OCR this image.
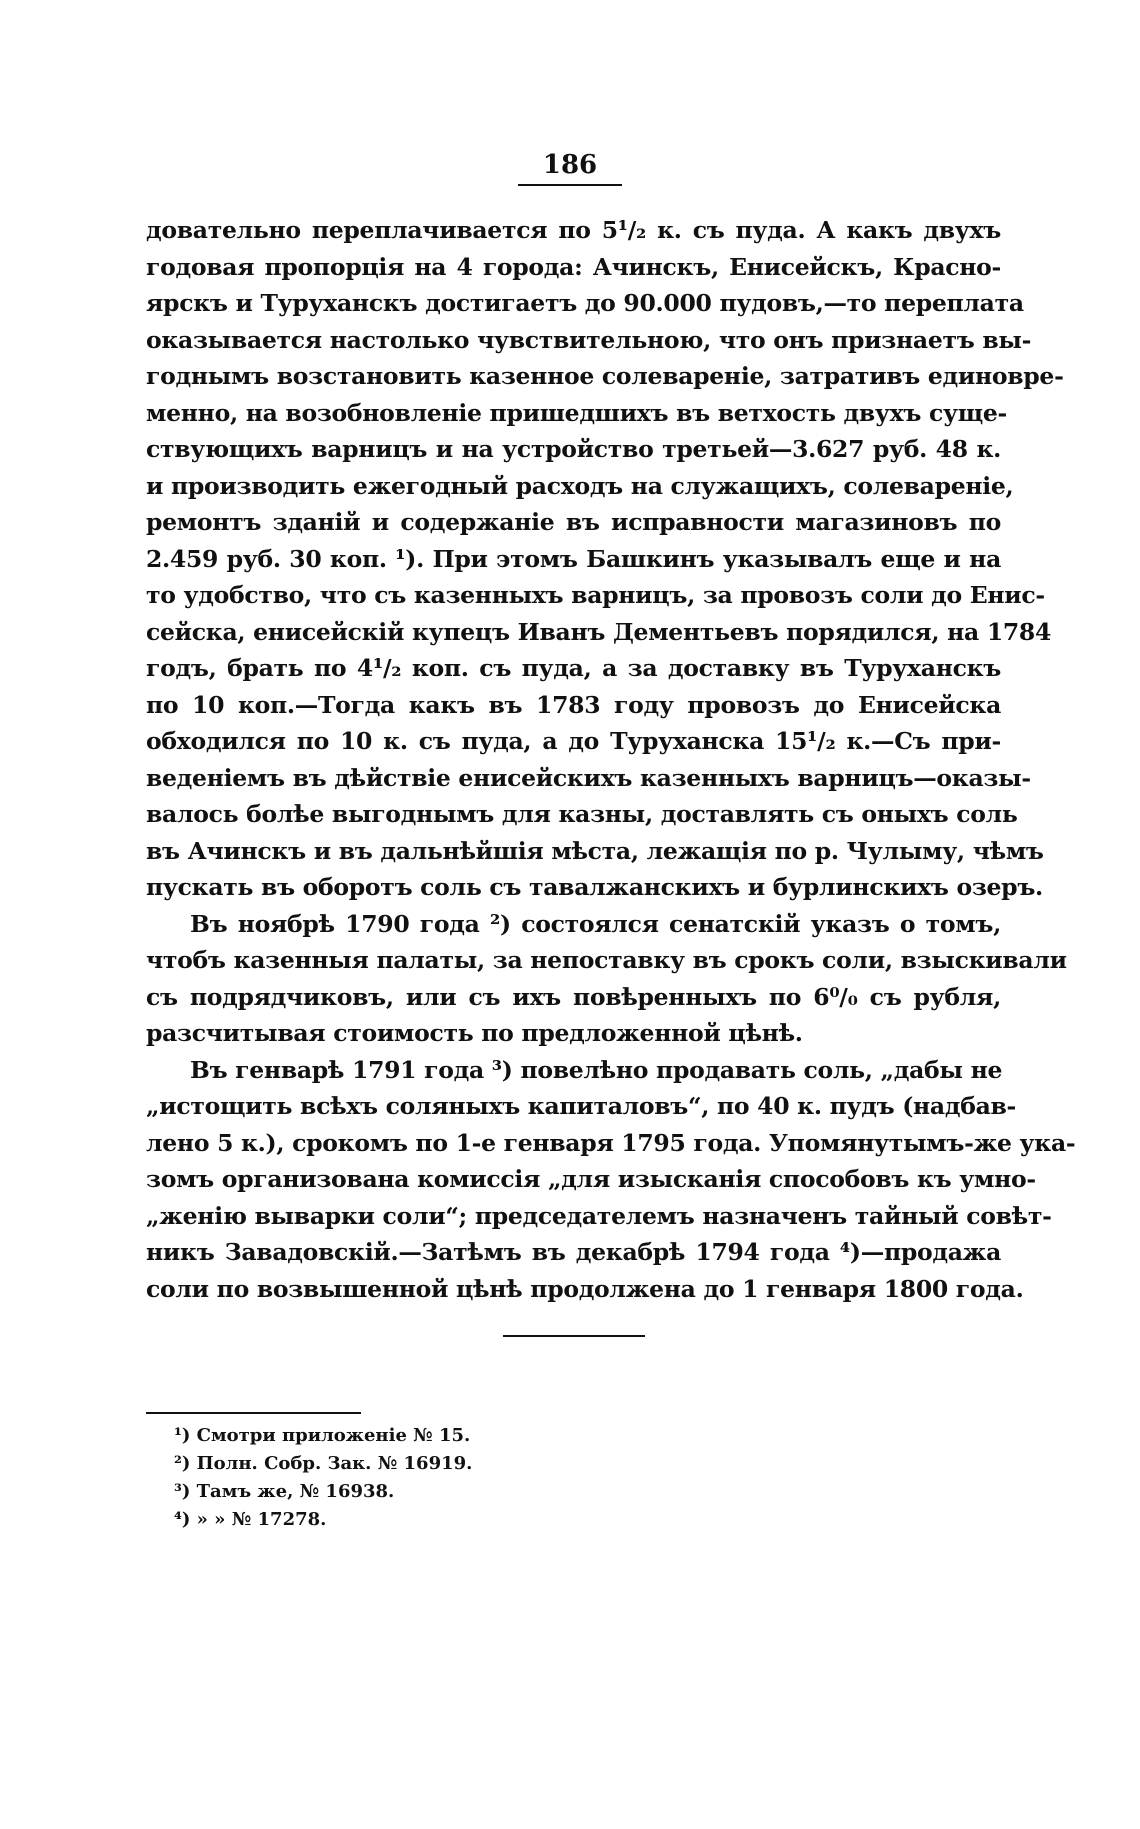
186
довательно переплачивается по 5¹/₂ к. съ пуда. А какъ двухъ
годовая пропорція на 4 города: Ачинскъ, Енисейскъ, Красно-
ярскъ и Туруханскъ достигаетъ до 90.000 пудовъ,—то переплата
оказывается настолько чувствительною, что онъ признаетъ вы-
годнымъ возстановить казенное солевареніе, затративъ единовре-
менно, на возобновленіе пришедшихъ въ ветхость двухъ суще-
ствующихъ варницъ и на устройство третьей—3.627 руб. 48 к.
и производить ежегодный расходъ на служащихъ, солевареніе,
ремонтъ зданій и содержаніе въ исправности магазиновъ по
2.459 руб. 30 коп. ¹). При этомъ Башкинъ указывалъ еще и на
то удобство, что съ казенныхъ варницъ, за провозъ соли до Енис-
сейска, енисейскій купецъ Иванъ Дементьевъ порядился, на 1784
годъ, брать по 4¹/₂ коп. съ пуда, а за доставку въ Туруханскъ
по 10 коп.—Тогда какъ въ 1783 году провозъ до Енисейска
обходился по 10 к. съ пуда, а до Туруханска 15¹/₂ к.—Съ при-
веденіемъ въ дѣйствіе енисейскихъ казенныхъ варницъ—оказы-
валось болѣе выгоднымъ для казны, доставлять съ оныхъ соль
въ Ачинскъ и въ дальнѣйшія мѣста, лежащія по р. Чулыму, чѣмъ
пускать въ оборотъ соль съ тавалжанскихъ и бурлинскихъ озеръ.
Въ ноябрѣ 1790 года ²) состоялся сенатскій указъ о томъ,
чтобъ казенныя палаты, за непоставку въ срокъ соли, взыскивали
съ подрядчиковъ, или съ ихъ повѣренныхъ по 6⁰/₀ съ рубля,
разсчитывая стоимость по предложенной цѣнѣ.
Въ генварѣ 1791 года ³) повелѣно продавать соль, „дабы не
„истощить всѣхъ соляныхъ капиталовъ“, по 40 к. пудъ (надбав-
лено 5 к.), срокомъ по 1-е генваря 1795 года. Упомянутымъ-же ука-
зомъ организована комиссія „для изысканія способовъ къ умно-
„женію выварки соли“; председателемъ назначенъ тайный совѣт-
никъ Завадовскій.—Затѣмъ въ декабрѣ 1794 года ⁴)—продажа
соли по возвышенной цѣнѣ продолжена до 1 генваря 1800 года.
¹) Смотри приложеніе № 15.
²) Полн. Собр. Зак. № 16919.
³) Тамъ же, № 16938.
⁴) » » № 17278.
